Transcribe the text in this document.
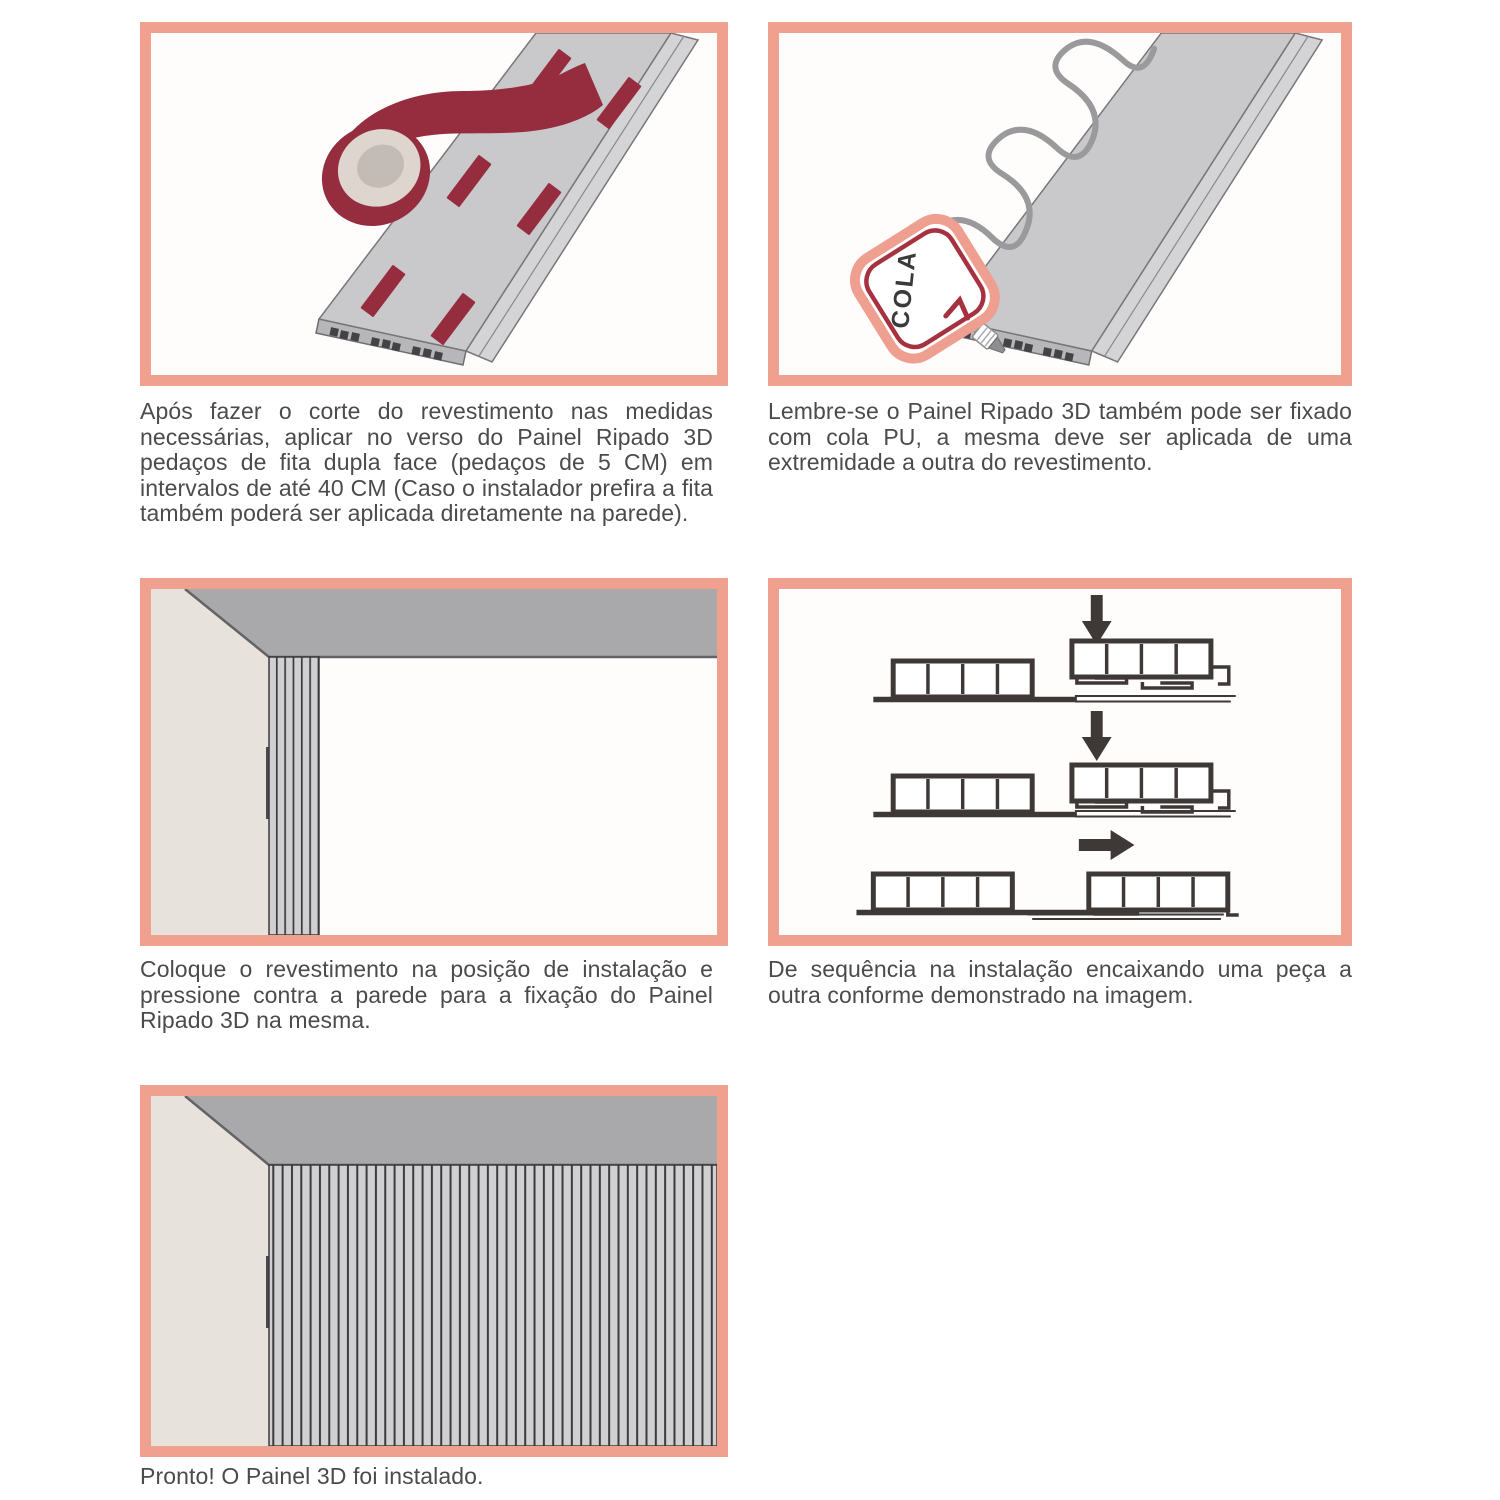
Após fazer o corte do revestimento nas medidas necessárias, aplicar no verso do Painel Ripado 3D pedaços de fita dupla face (pedaços de 5 CM) em intervalos de até 40 CM (Caso o instalador prefira a fita também poderá ser aplicada diretamente na parede).

COLA

Lembre-se o Painel Ripado 3D também pode ser fixado com cola PU, a mesma deve ser aplicada de uma extremidade a outra do revestimento.

Coloque o revestimento na posição de instalação e pressione contra a parede para a fixação do Painel Ripado 3D na mesma.

De sequência na instalação encaixando uma peça a outra conforme demonstrado na imagem.

Pronto! O Painel 3D foi instalado.
